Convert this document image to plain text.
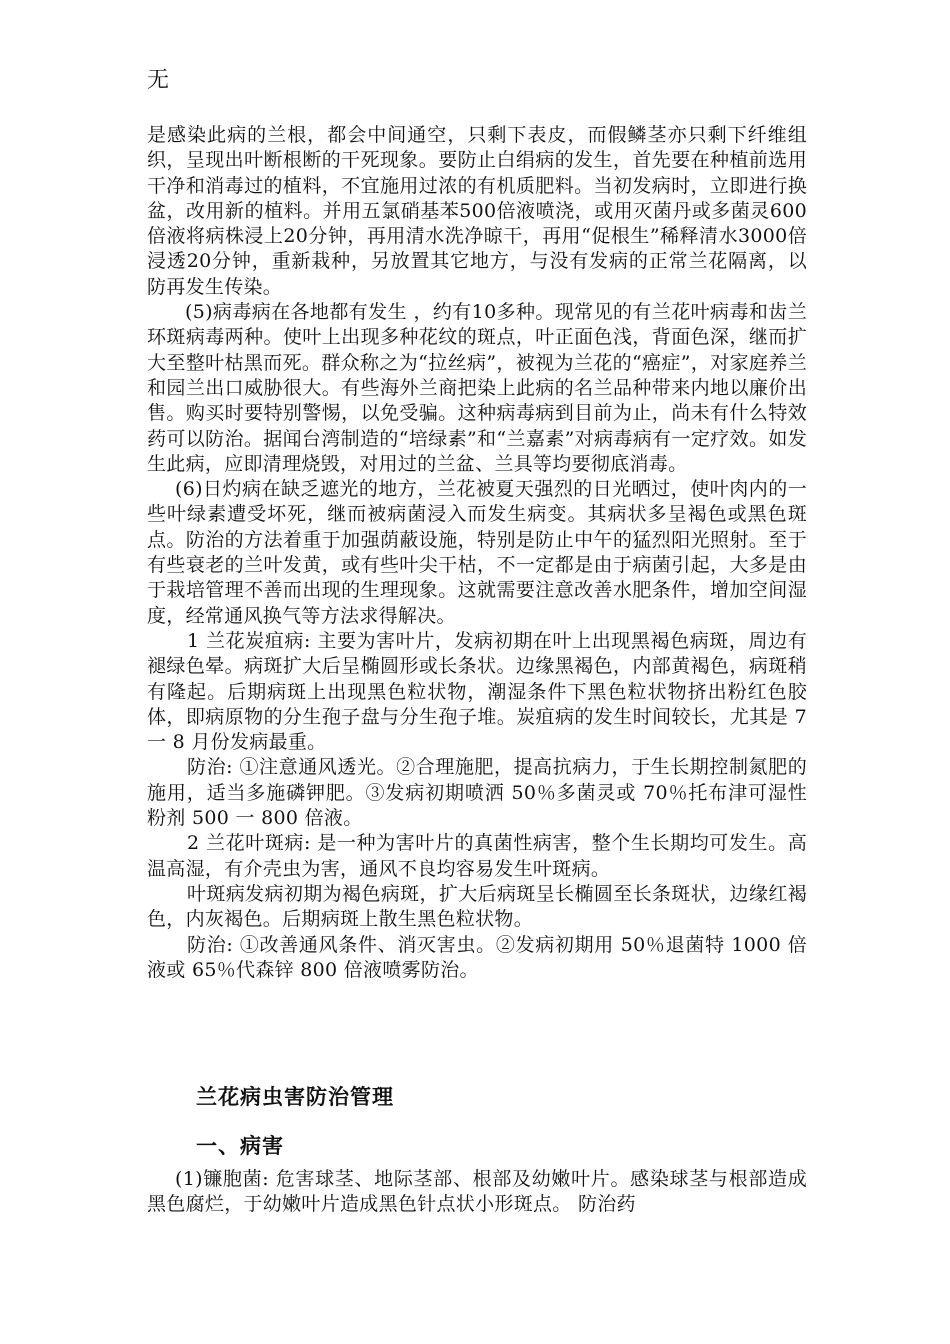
无

是感染此病的兰根，都会中间通空，只剩下表皮，而假鳞茎亦只剩下纤维组织，呈现出叶断根断的干死现象。要防止白绢病的发生，首先要在种植前选用干净和消毒过的植料，不宜施用过浓的有机质肥料。当初发病时，立即进行换盆，改用新的植料。并用五氯硝基苯500倍液喷浇，或用灭菌丹或多菌灵600倍液将病株浸上20分钟，再用清水洗净晾干，再用“促根生”稀释清水3000倍浸透20分钟，重新栽种，另放置其它地方，与没有发病的正常兰花隔离，以防再发生传染。

(5)病毒病在各地都有发生 ，约有10多种。现常见的有兰花叶病毒和齿兰环斑病毒两种。使叶上出现多种花纹的斑点，叶正面色浅，背面色深，继而扩大至整叶枯黑而死。群众称之为“拉丝病”，被视为兰花的“癌症”，对家庭养兰和园兰出口威胁很大。有些海外兰商把染上此病的名兰品种带来内地以廉价出售。购买时要特别警惕，以免受骗。这种病毒病到目前为止，尚未有什么特效药可以防治。据闻台湾制造的“培绿素”和“兰嘉素”对病毒病有一定疗效。如发生此病，应即清理烧毁，对用过的兰盆、兰具等均要彻底消毒。

(6)日灼病在缺乏遮光的地方，兰花被夏天强烈的日光晒过，使叶肉内的一些叶绿素遭受坏死，继而被病菌浸入而发生病变。其病状多呈褐色或黑色斑点。防治的方法着重于加强荫蔽设施，特别是防止中午的猛烈阳光照射。至于有些衰老的兰叶发黄，或有些叶尖干枯，不一定都是由于病菌引起，大多是由于栽培管理不善而出现的生理现象。这就需要注意改善水肥条件，增加空间湿度，经常通风换气等方法求得解决。

1 兰花炭疽病: 主要为害叶片，发病初期在叶上出现黑褐色病斑，周边有褪绿色晕。病斑扩大后呈椭圆形或长条状。边缘黑褐色，内部黄褐色，病斑稍有隆起。后期病斑上出现黑色粒状物，潮湿条件下黑色粒状物挤出粉红色胶体，即病原物的分生孢子盘与分生孢子堆。炭疽病的发生时间较长，尤其是 7 一 8 月份发病最重。

防治: ①注意通风透光。②合理施肥，提高抗病力，于生长期控制氮肥的施用，适当多施磷钾肥。③发病初期喷洒 50％多菌灵或 70％托布津可湿性粉剂 500 一 800 倍液。

2 兰花叶斑病: 是一种为害叶片的真菌性病害，整个生长期均可发生。高温高湿，有介壳虫为害，通风不良均容易发生叶斑病。

叶斑病发病初期为褐色病斑，扩大后病斑呈长椭圆至长条斑状，边缘红褐色，内灰褐色。后期病斑上散生黑色粒状物。

防治: ①改善通风条件、消灭害虫。②发病初期用 50％退菌特 1000 倍液或 65％代森锌 800 倍液喷雾防治。

兰花病虫害防治管理
一、病害

(1)镰胞菌: 危害球茎、地际茎部、根部及幼嫩叶片。感染球茎与根部造成黑色腐烂，于幼嫩叶片造成黑色针点状小形斑点。 防治药
